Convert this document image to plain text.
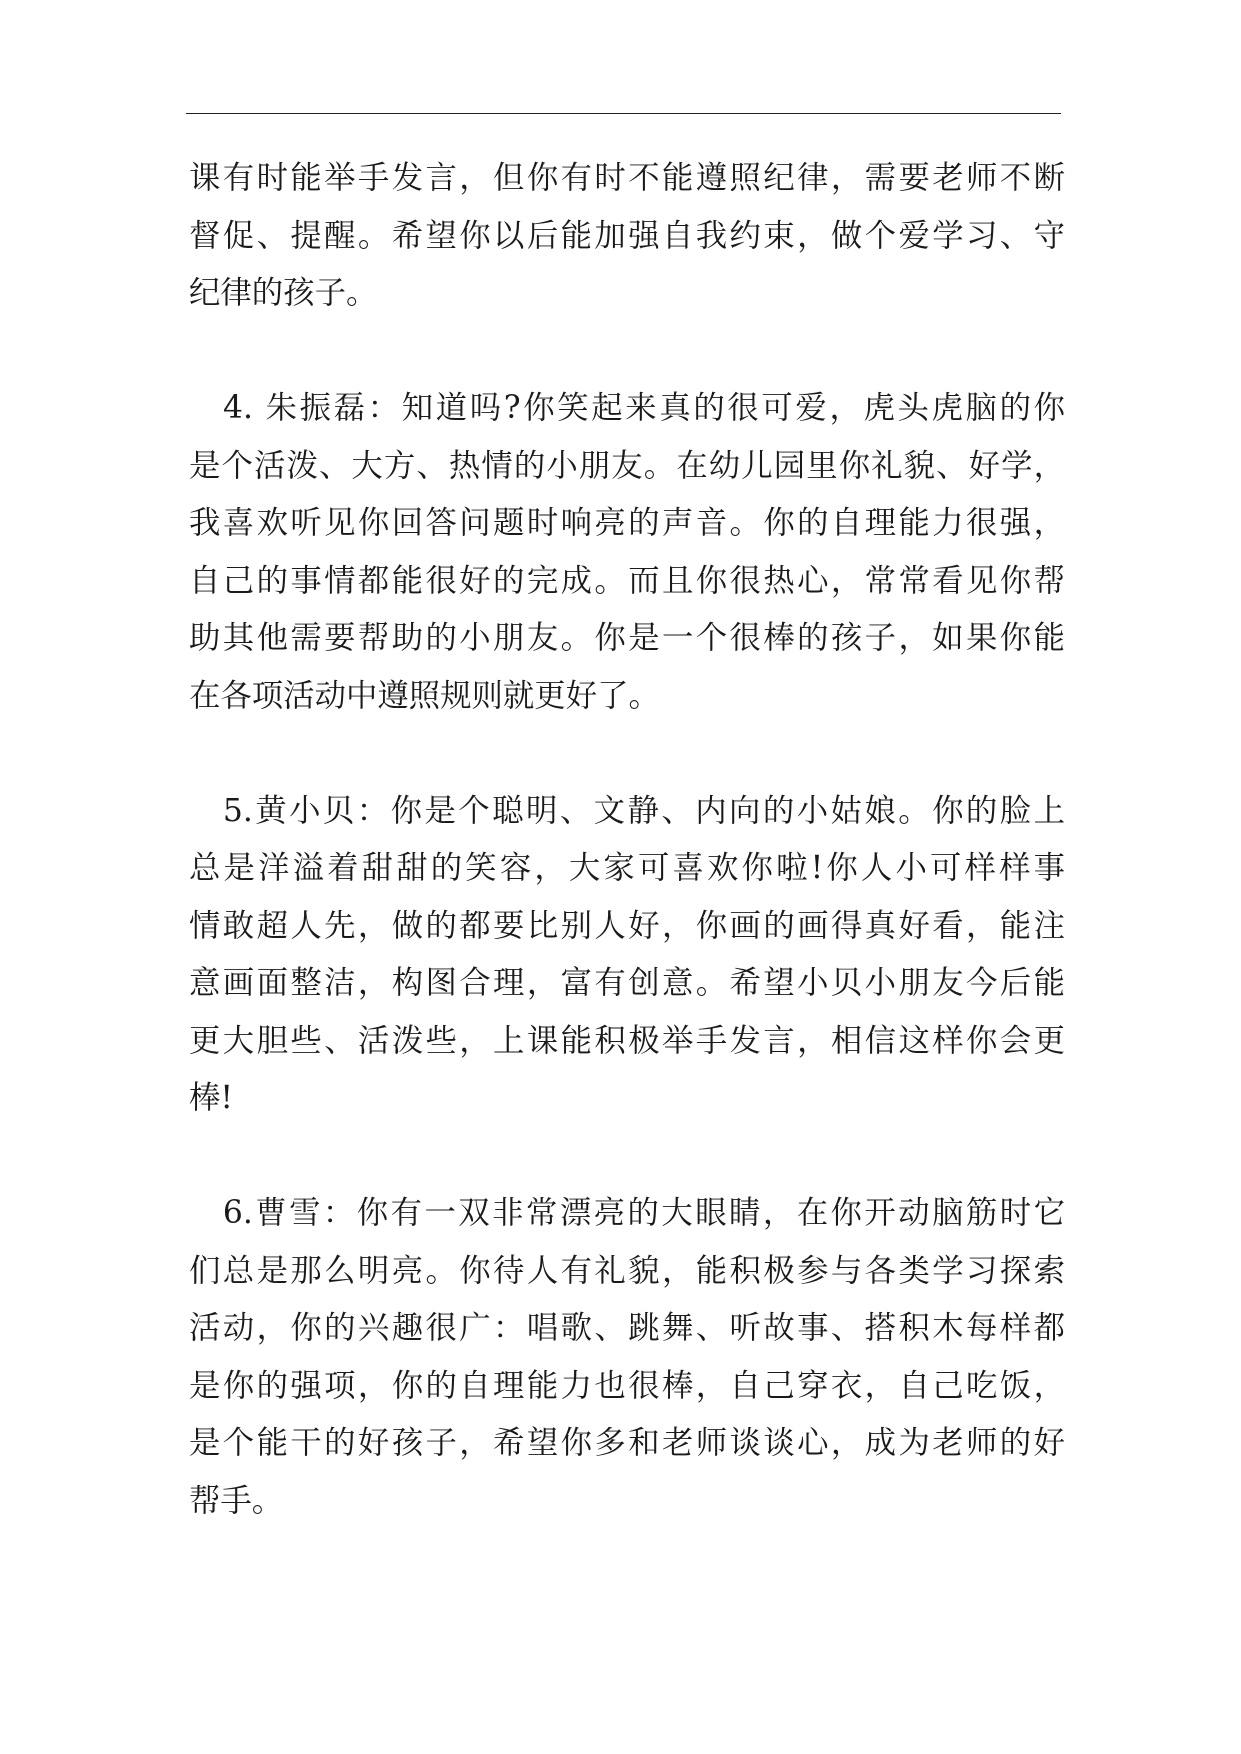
课有时能举手发言，但你有时不能遵照纪律，需要老师不断
督促、提醒。希望你以后能加强自我约束，做个爱学习、守
纪律的孩子。

　4. 朱振磊：知道吗?你笑起来真的很可爱，虎头虎脑的你
是个活泼、大方、热情的小朋友。在幼儿园里你礼貌、好学，
我喜欢听见你回答问题时响亮的声音。你的自理能力很强，
自己的事情都能很好的完成。而且你很热心，常常看见你帮
助其他需要帮助的小朋友。你是一个很棒的孩子，如果你能
在各项活动中遵照规则就更好了。

　5.黄小贝：你是个聪明、文静、内向的小姑娘。你的脸上
总是洋溢着甜甜的笑容，大家可喜欢你啦!你人小可样样事
情敢超人先，做的都要比别人好，你画的画得真好看，能注
意画面整洁，构图合理，富有创意。希望小贝小朋友今后能
更大胆些、活泼些，上课能积极举手发言，相信这样你会更
棒!

　6.曹雪：你有一双非常漂亮的大眼睛，在你开动脑筋时它
们总是那么明亮。你待人有礼貌，能积极参与各类学习探索
活动，你的兴趣很广：唱歌、跳舞、听故事、搭积木每样都
是你的强项，你的自理能力也很棒，自己穿衣，自己吃饭，
是个能干的好孩子，希望你多和老师谈谈心，成为老师的好
帮手。
